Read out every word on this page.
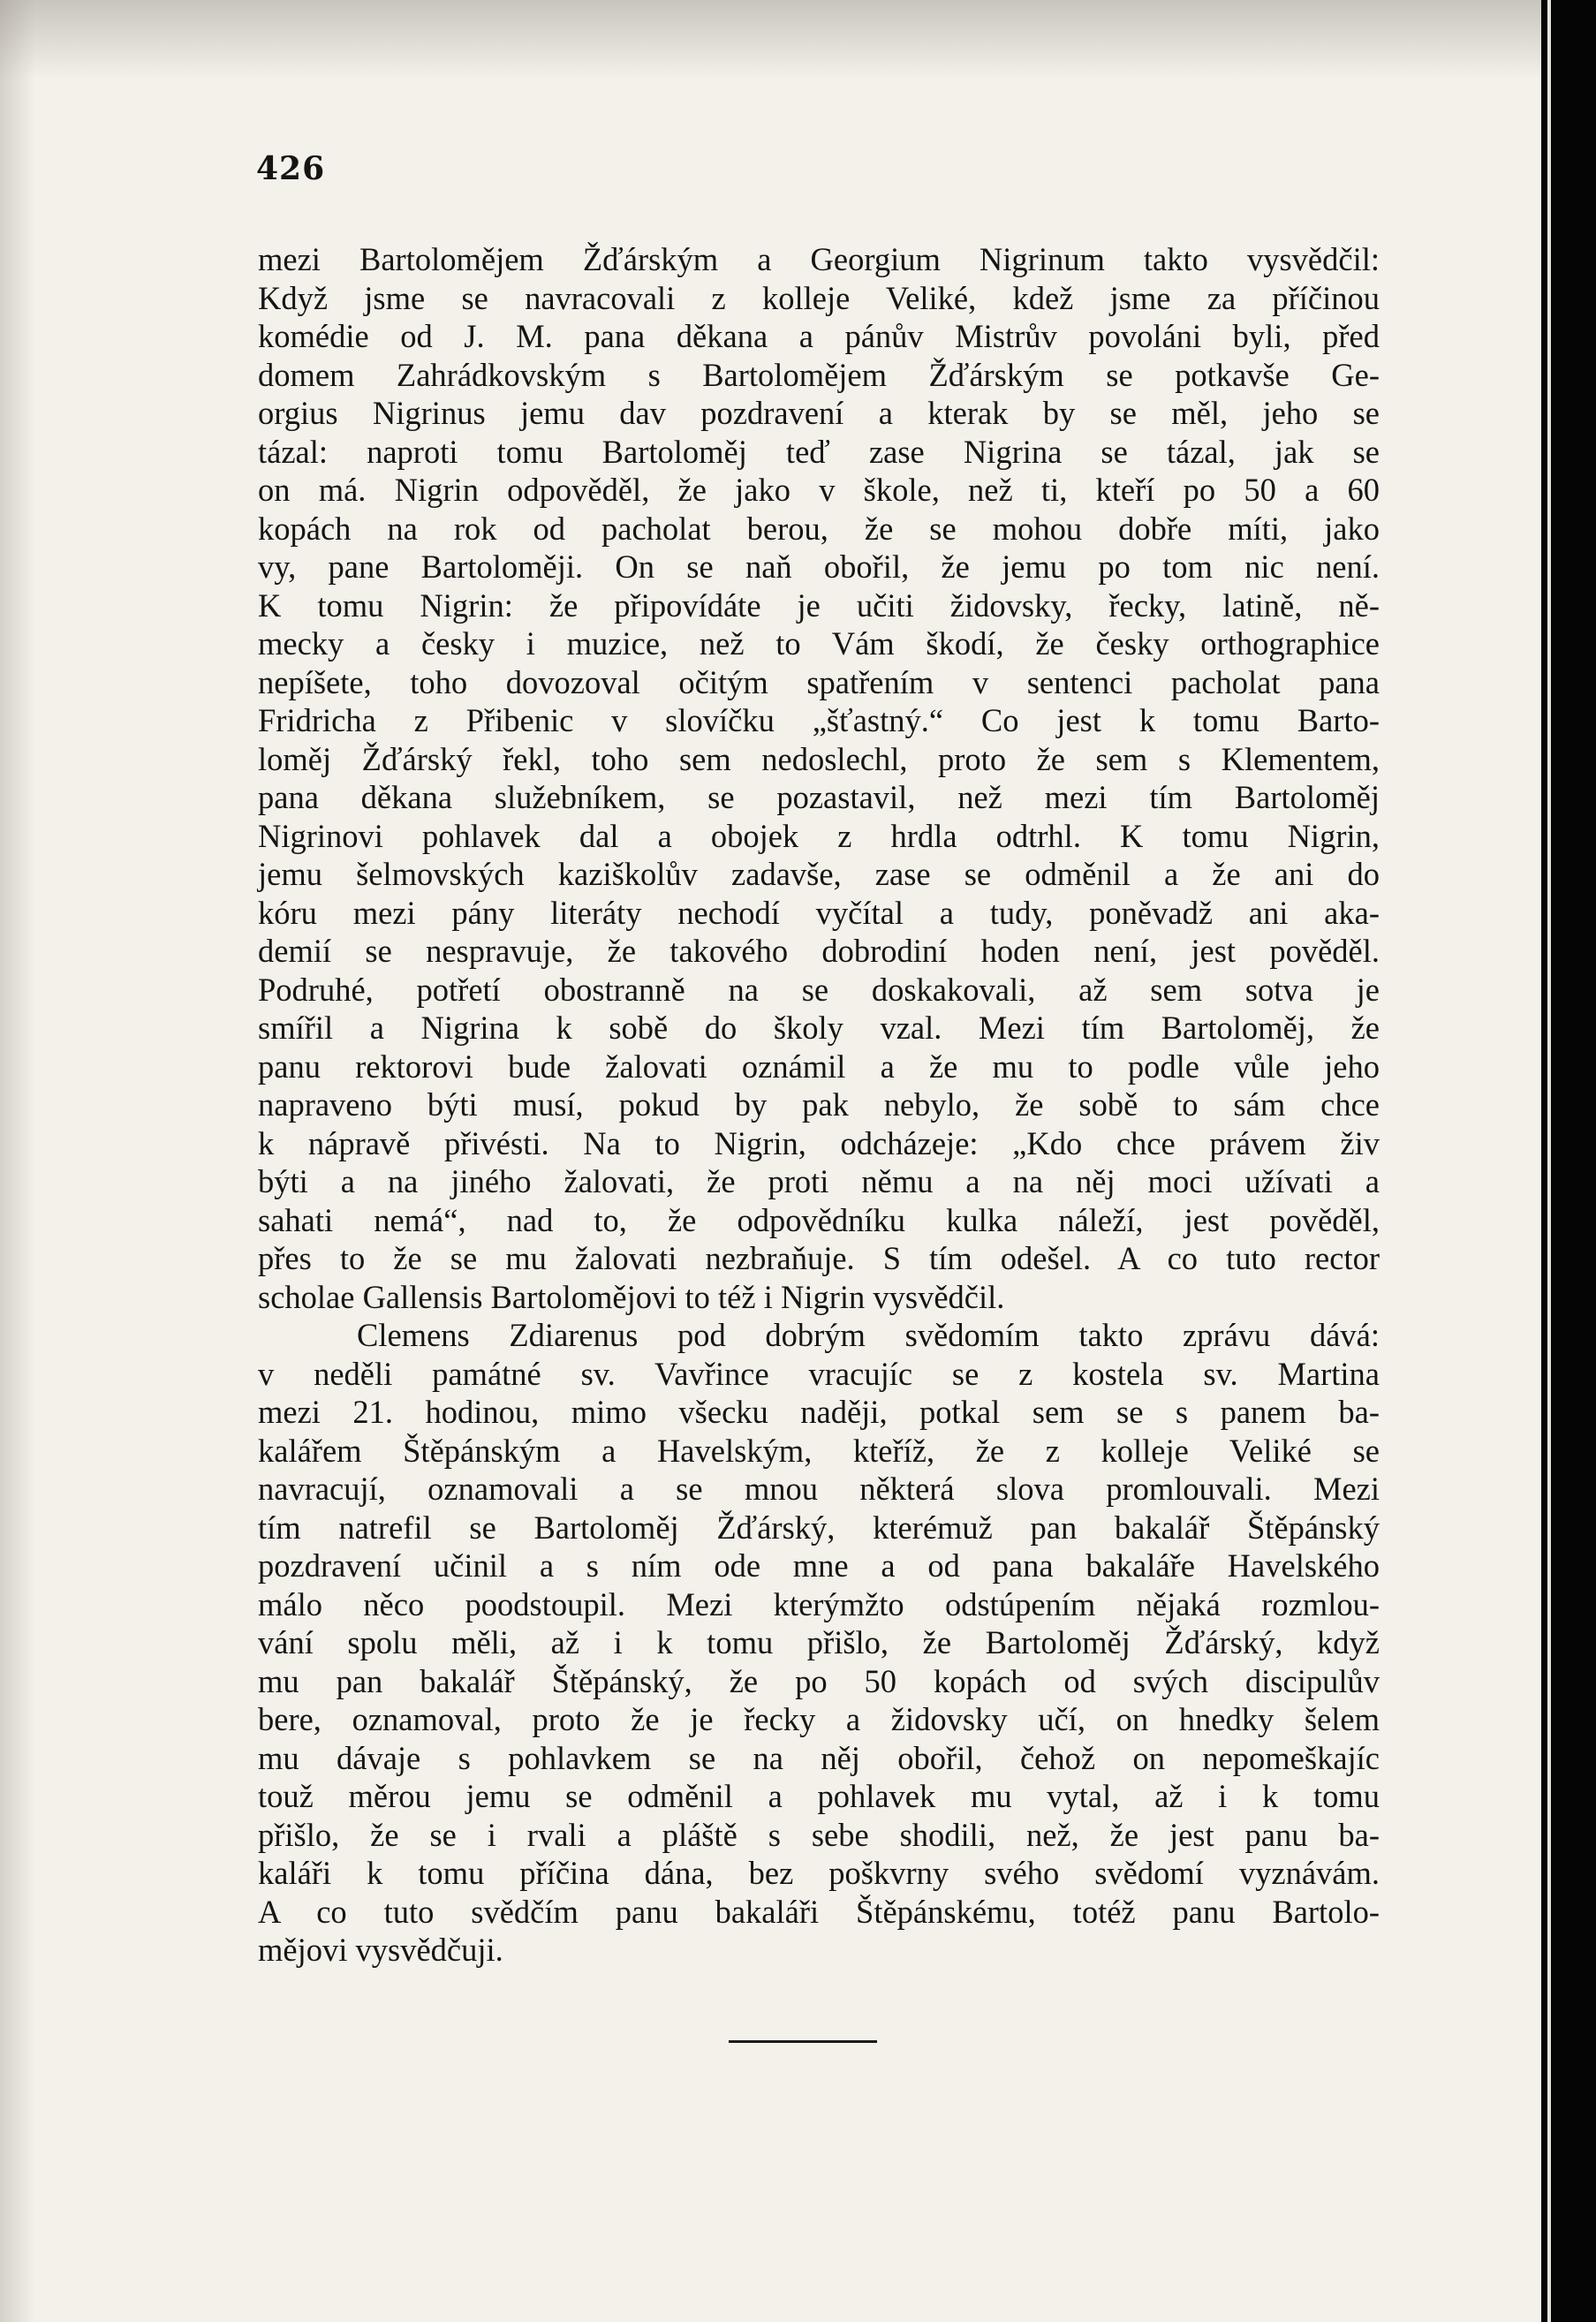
426
mezi Bartolomějem Žďárským a Georgium Nigrinum takto vysvědčil:
Když jsme se navracovali z kolleje Veliké, kdež jsme za příčinou
komédie od J. M. pana děkana a pánův Mistrův povoláni byli, před
domem Zahrádkovským s Bartolomějem Žďárským se potkavše Ge-
orgius Nigrinus jemu dav pozdravení a kterak by se měl, jeho se
tázal: naproti tomu Bartoloměj teď zase Nigrina se tázal, jak se
on má. Nigrin odpověděl, že jako v škole, než ti, kteří po 50 a 60
kopách na rok od pacholat berou, že se mohou dobře míti, jako
vy, pane Bartoloměji. On se naň obořil, že jemu po tom nic není.
K tomu Nigrin: že připovídáte je učiti židovsky, řecky, latině, ně-
mecky a česky i muzice, než to Vám škodí, že česky orthographice
nepíšete, toho dovozoval očitým spatřením v sentenci pacholat pana
Fridricha z Přibenic v slovíčku „šťastný.“ Co jest k tomu Barto-
loměj Žďárský řekl, toho sem nedoslechl, proto že sem s Klementem,
pana děkana služebníkem, se pozastavil, než mezi tím Bartoloměj
Nigrinovi pohlavek dal a obojek z hrdla odtrhl. K tomu Nigrin,
jemu šelmovských kaziškolův zadavše, zase se odměnil a že ani do
kóru mezi pány literáty nechodí vyčítal a tudy, poněvadž ani aka-
demií se nespravuje, že takového dobrodiní hoden není, jest pověděl.
Podruhé, potřetí obostranně na se doskakovali, až sem sotva je
smířil a Nigrina k sobě do školy vzal. Mezi tím Bartoloměj, že
panu rektorovi bude žalovati oznámil a že mu to podle vůle jeho
napraveno býti musí, pokud by pak nebylo, že sobě to sám chce
k nápravě přivésti. Na to Nigrin, odcházeje: „Kdo chce právem živ
býti a na jiného žalovati, že proti němu a na něj moci užívati a
sahati nemá“, nad to, že odpovědníku kulka náleží, jest pověděl,
přes to že se mu žalovati nezbraňuje. S tím odešel. A co tuto rector
scholae Gallensis Bartolomějovi to též i Nigrin vysvědčil.
Clemens Zdiarenus pod dobrým svědomím takto zprávu dává:
v neděli památné sv. Vavřince vracujíc se z kostela sv. Martina
mezi 21. hodinou, mimo všecku naději, potkal sem se s panem ba-
kalářem Štěpánským a Havelským, kteříž, že z kolleje Veliké se
navracují, oznamovali a se mnou některá slova promlouvali. Mezi
tím natrefil se Bartoloměj Žďárský, kterémuž pan bakalář Štěpánský
pozdravení učinil a s ním ode mne a od pana bakaláře Havelského
málo něco poodstoupil. Mezi kterýmžto odstúpením nějaká rozmlou-
vání spolu měli, až i k tomu přišlo, že Bartoloměj Žďárský, když
mu pan bakalář Štěpánský, že po 50 kopách od svých discipulův
bere, oznamoval, proto že je řecky a židovsky učí, on hnedky šelem
mu dávaje s pohlavkem se na něj obořil, čehož on nepomeškajíc
touž měrou jemu se odměnil a pohlavek mu vytal, až i k tomu
přišlo, že se i rvali a pláště s sebe shodili, než, že jest panu ba-
kaláři k tomu příčina dána, bez poškvrny svého svědomí vyznávám.
A co tuto svědčím panu bakaláři Štěpánskému, totéž panu Bartolo-
mějovi vysvědčuji.
